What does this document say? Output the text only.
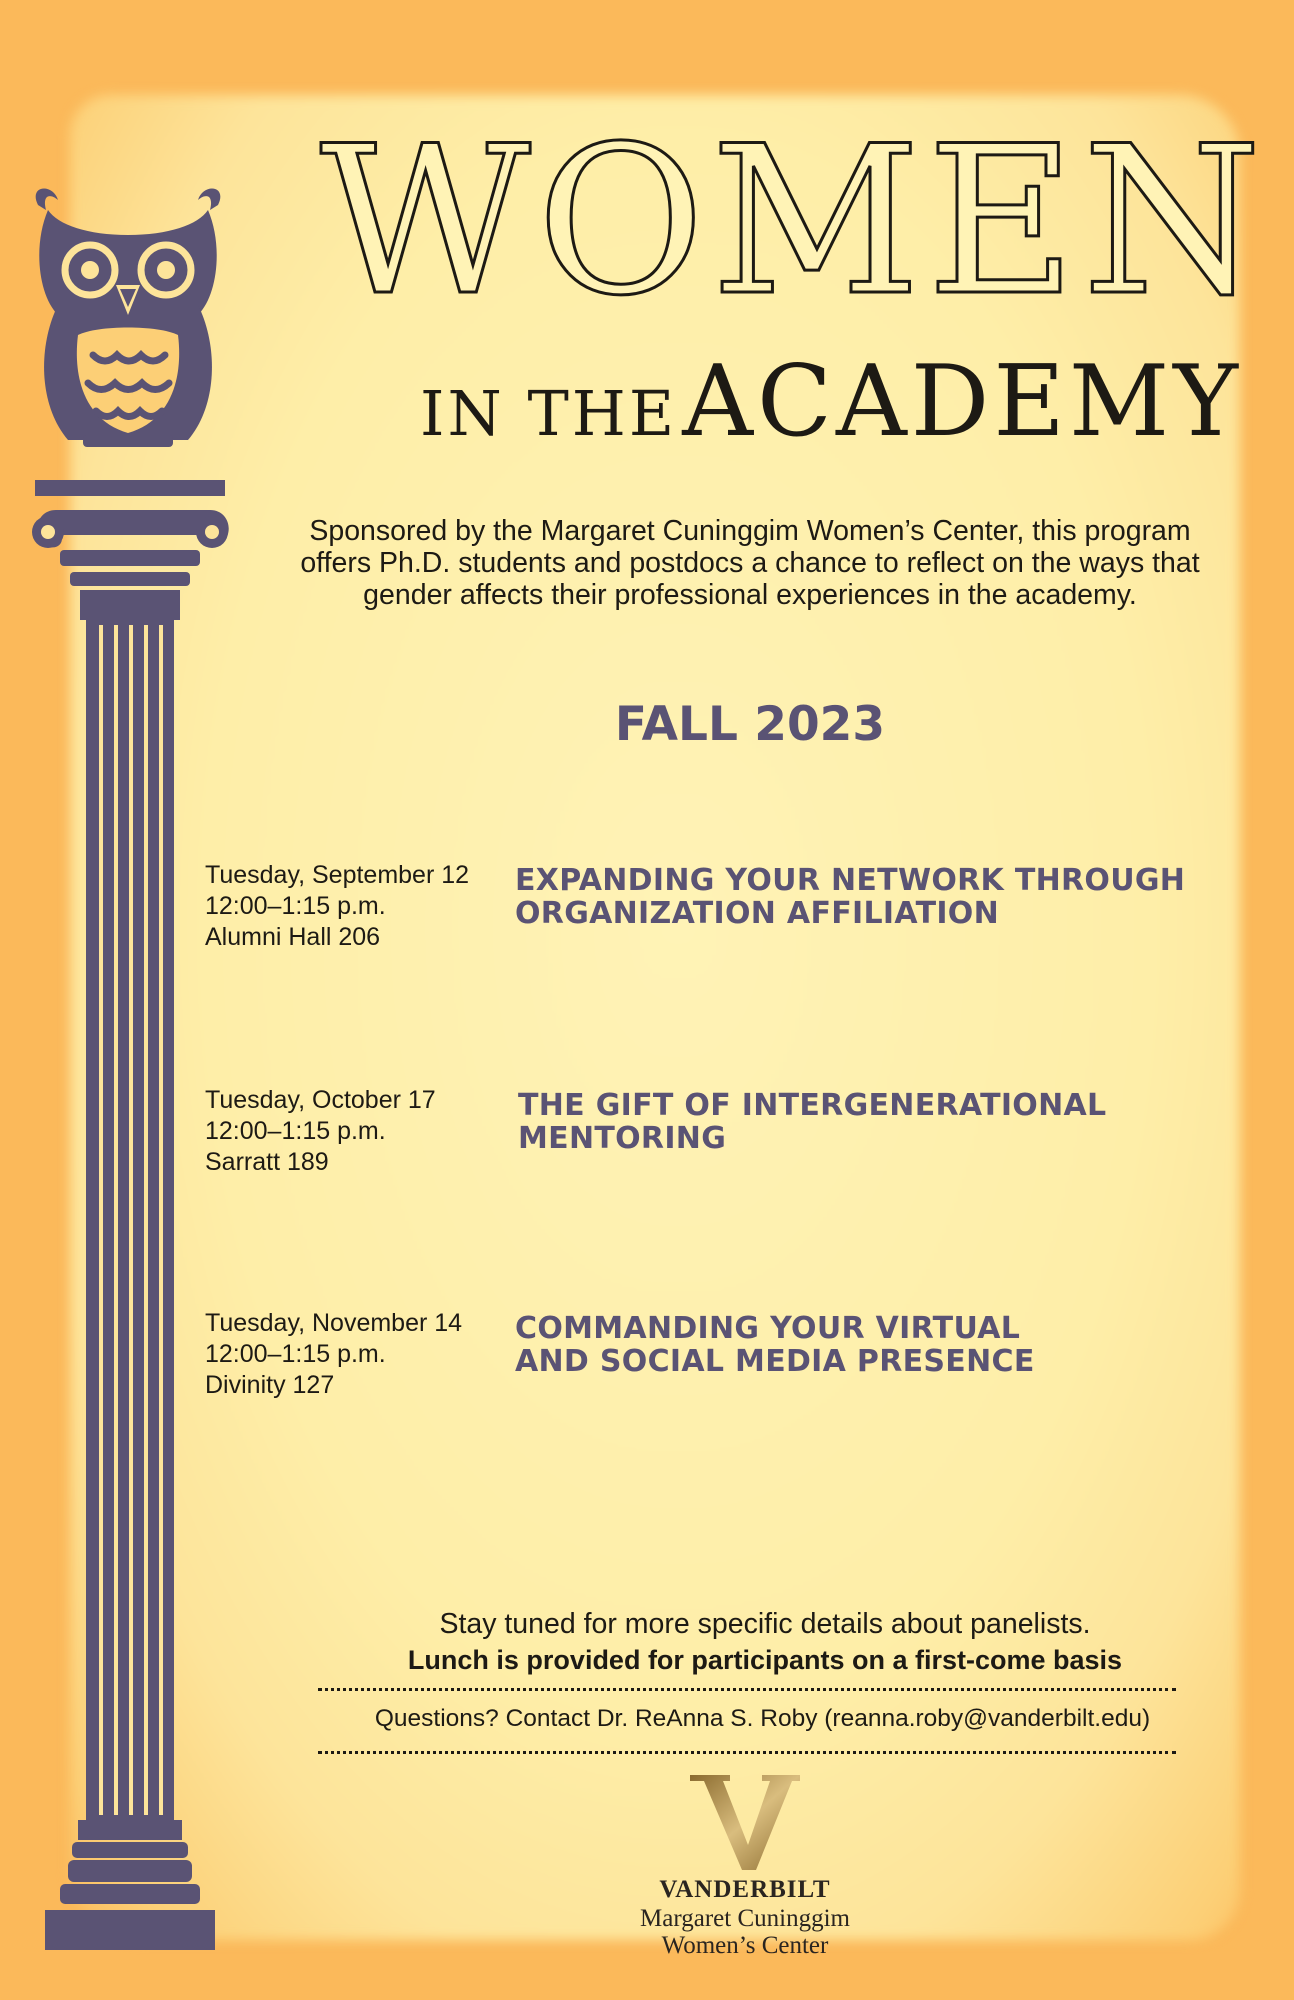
WOMEN
IN THE ACADEMY
Sponsored by the Margaret Cuninggim Women’s Center, this program offers Ph.D. students and postdocs a chance to reflect on the ways that gender affects their professional experiences in the academy.
FALL 2023
Tuesday, September 12
12:00–1:15 p.m.
Alumni Hall 206
EXPANDING YOUR NETWORK THROUGH
ORGANIZATION AFFILIATION
Tuesday, October 17
12:00–1:15 p.m.
Sarratt 189
THE GIFT OF INTERGENERATIONAL
MENTORING
Tuesday, November 14
12:00–1:15 p.m.
Divinity 127
COMMANDING YOUR VIRTUAL
AND SOCIAL MEDIA PRESENCE
Stay tuned for more specific details about panelists.
Lunch is provided for participants on a first-come basis
Questions? Contact Dr. ReAnna S. Roby (reanna.roby@vanderbilt.edu)
VANDERBILT
Margaret Cuninggim
Women’s Center
